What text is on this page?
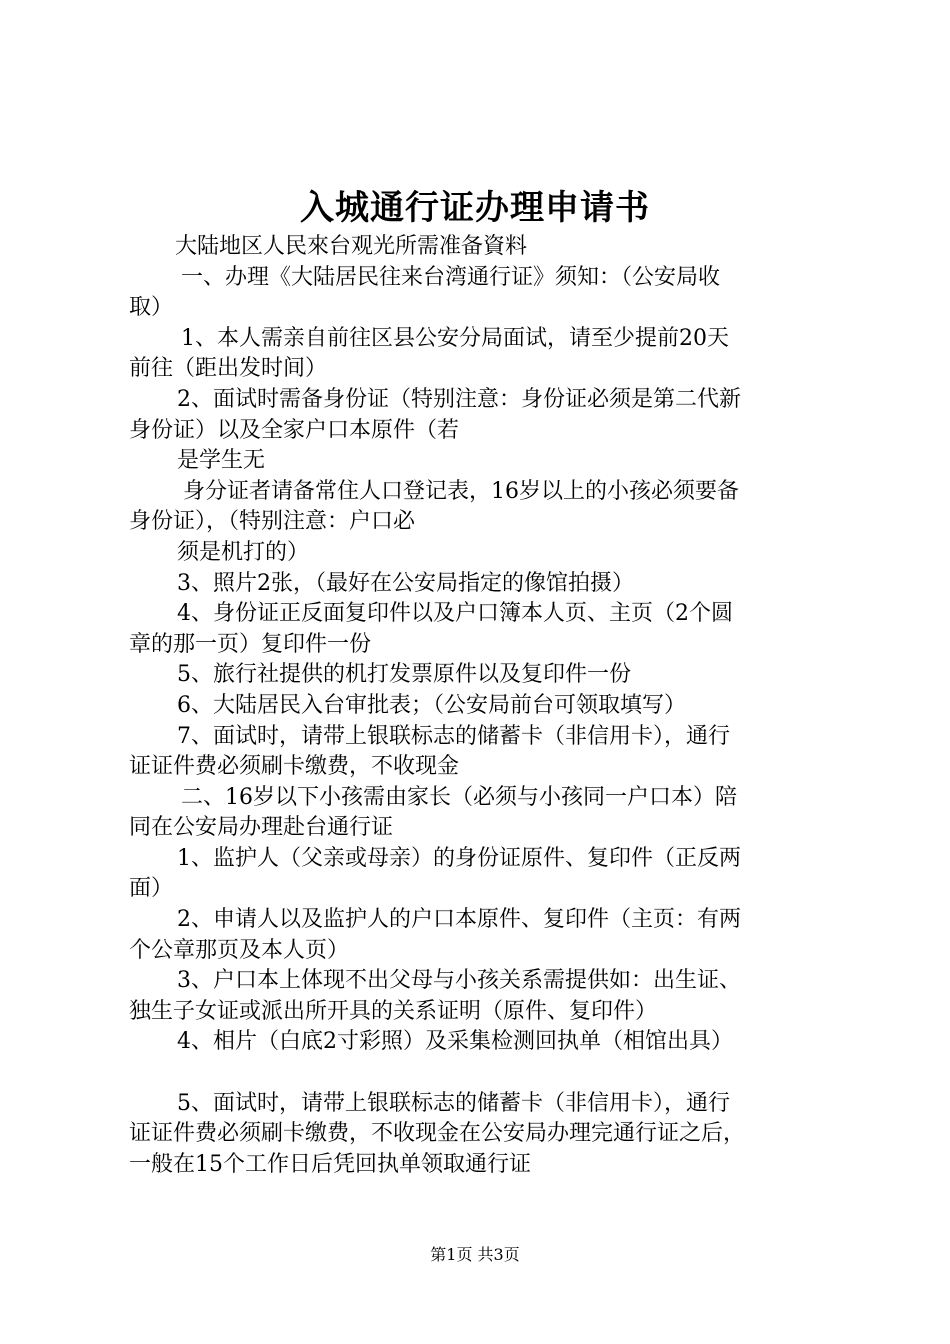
入城通行证办理申请书
大陆地区人民來台观光所需准备資料
一、办理《大陆居民往来台湾通行证》须知：（公安局收
取）
1、本人需亲自前往区县公安分局面试，请至少提前20天
前往（距出发时间）
2、面试时需备身份证（特别注意：身份证必须是第二代新
身份证）以及全家户口本原件（若
是学生无
身分证者请备常住人口登记表，16岁以上的小孩必须要备
身份证），（特别注意：户口必
须是机打的）
3、照片2张，（最好在公安局指定的像馆拍摄）
4、身份证正反面复印件以及户口簿本人页、主页（2个圆
章的那一页）复印件一份
5、旅行社提供的机打发票原件以及复印件一份
6、大陆居民入台审批表；（公安局前台可领取填写）
7、面试时，请带上银联标志的储蓄卡（非信用卡），通行
证证件费必须刷卡缴费，不收现金
二、16岁以下小孩需由家长（必须与小孩同一户口本）陪
同在公安局办理赴台通行证
1、监护人（父亲或母亲）的身份证原件、复印件（正反两
面）
2、申请人以及监护人的户口本原件、复印件（主页：有两
个公章那页及本人页）
3、户口本上体现不出父母与小孩关系需提供如：出生证、
独生子女证或派出所开具的关系证明（原件、复印件）
4、相片（白底2寸彩照）及采集检测回执单（相馆出具）
5、面试时，请带上银联标志的储蓄卡（非信用卡），通行
证证件费必须刷卡缴费，不收现金在公安局办理完通行证之后，
一般在15个工作日后凭回执单领取通行证
第1页 共3页
